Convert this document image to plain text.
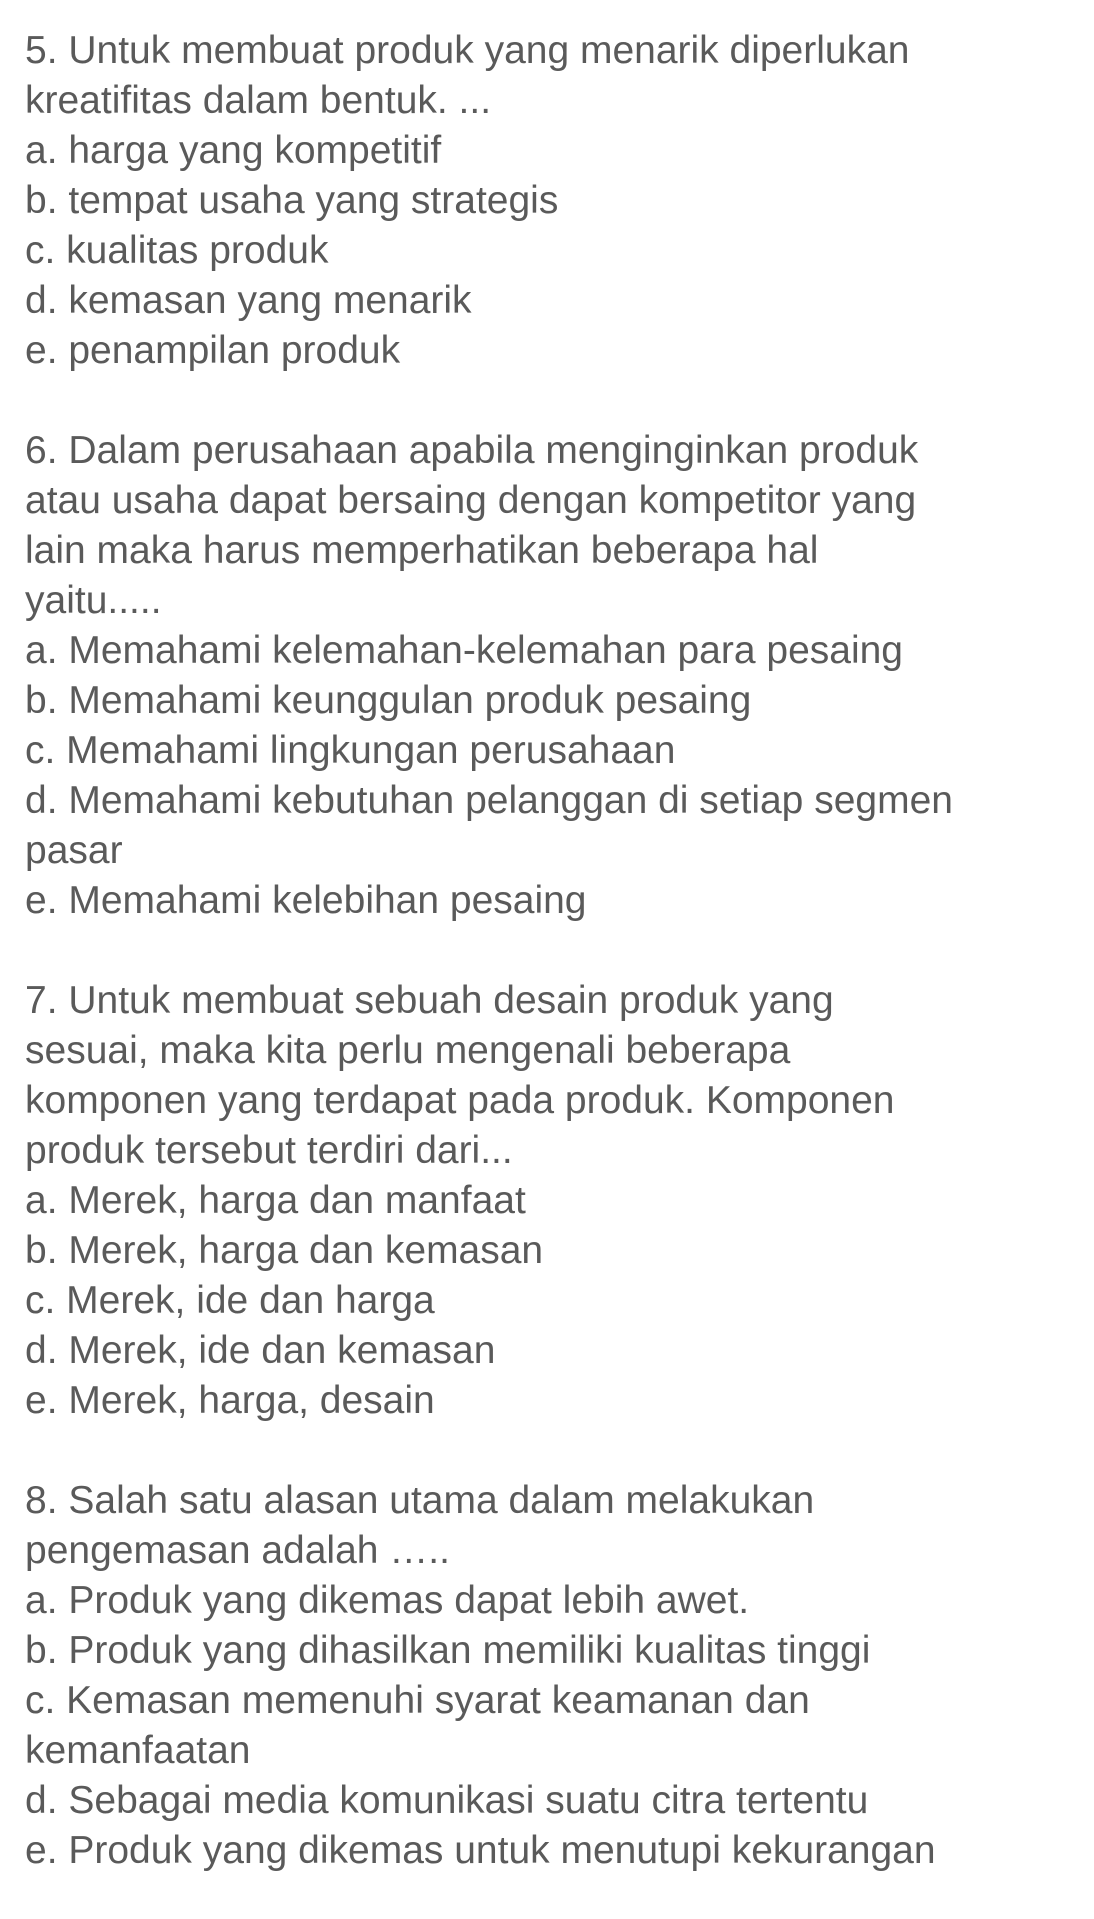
5. Untuk membuat produk yang menarik diperlukan

kreatifitas dalam bentuk. ...

a. harga yang kompetitif

b. tempat usaha yang strategis

c. kualitas produk

d. kemasan yang menarik

e. penampilan produk

6. Dalam perusahaan apabila menginginkan produk

atau usaha dapat bersaing dengan kompetitor yang

lain maka harus memperhatikan beberapa hal

yaitu.....

a. Memahami kelemahan-kelemahan para pesaing

b. Memahami keunggulan produk pesaing

c. Memahami lingkungan perusahaan

d. Memahami kebutuhan pelanggan di setiap segmen

pasar

e. Memahami kelebihan pesaing

7. Untuk membuat sebuah desain produk yang

sesuai, maka kita perlu mengenali beberapa

komponen yang terdapat pada produk. Komponen

produk tersebut terdiri dari...

a. Merek, harga dan manfaat

b. Merek, harga dan kemasan

c. Merek, ide dan harga

d. Merek, ide dan kemasan

e. Merek, harga, desain

8. Salah satu alasan utama dalam melakukan

pengemasan adalah …..

a. Produk yang dikemas dapat lebih awet.

b. Produk yang dihasilkan memiliki kualitas tinggi

c. Kemasan memenuhi syarat keamanan dan

kemanfaatan

d. Sebagai media komunikasi suatu citra tertentu

e. Produk yang dikemas untuk menutupi kekurangan
